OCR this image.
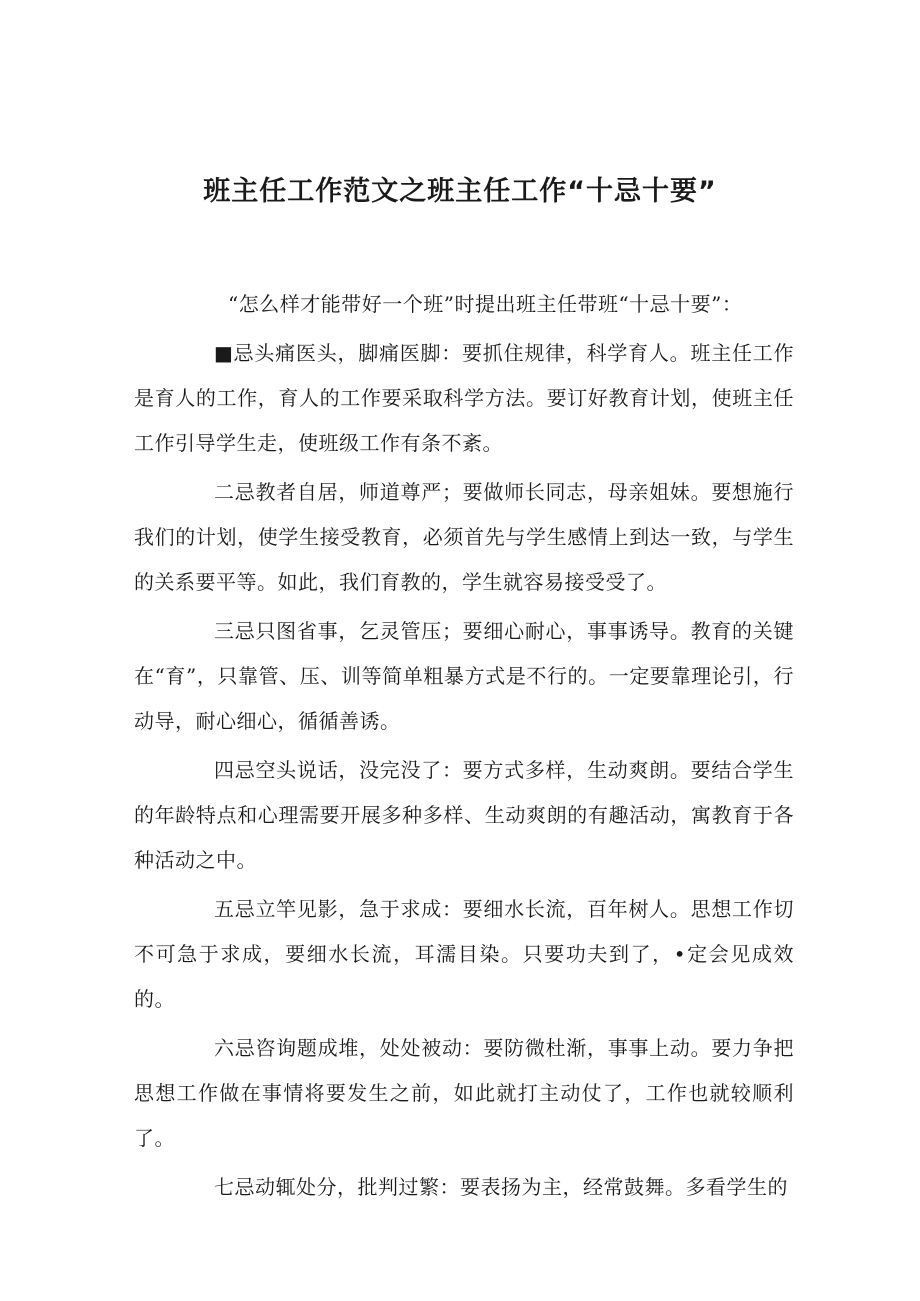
班主任工作范文之班主任工作“十忌十要”

“怎么样才能带好一个班”时提出班主任带班“十忌十要”：

■忌头痛医头，脚痛医脚：要抓住规律，科学育人。班主任工作是育人的工作，育人的工作要采取科学方法。要订好教育计划，使班主任工作引导学生走，使班级工作有条不紊。

二忌教者自居，师道尊严；要做师长同志，母亲姐妹。要想施行我们的计划，使学生接受教育，必须首先与学生感情上到达一致，与学生的关系要平等。如此，我们育教的，学生就容易接受受了。

三忌只图省事，乞灵管压；要细心耐心，事事诱导。教育的关键在“育”，只靠管、压、训等简单粗暴方式是不行的。一定要靠理论引，行动导，耐心细心，循循善诱。

四忌空头说话，没完没了：要方式多样，生动爽朗。要结合学生的年龄特点和心理需要开展多种多样、生动爽朗的有趣活动，寓教育于各种活动之中。

五忌立竿见影，急于求成：要细水长流，百年树人。思想工作切不可急于求成，要细水长流，耳濡目染。只要功夫到了，•定会见成效的。

六忌咨询题成堆，处处被动：要防微杜渐，事事上动。要力争把思想工作做在事情将要发生之前，如此就打主动仗了，工作也就较顺利了。

七忌动辄处分，批判过繁：要表扬为主，经常鼓舞。多看学生的
